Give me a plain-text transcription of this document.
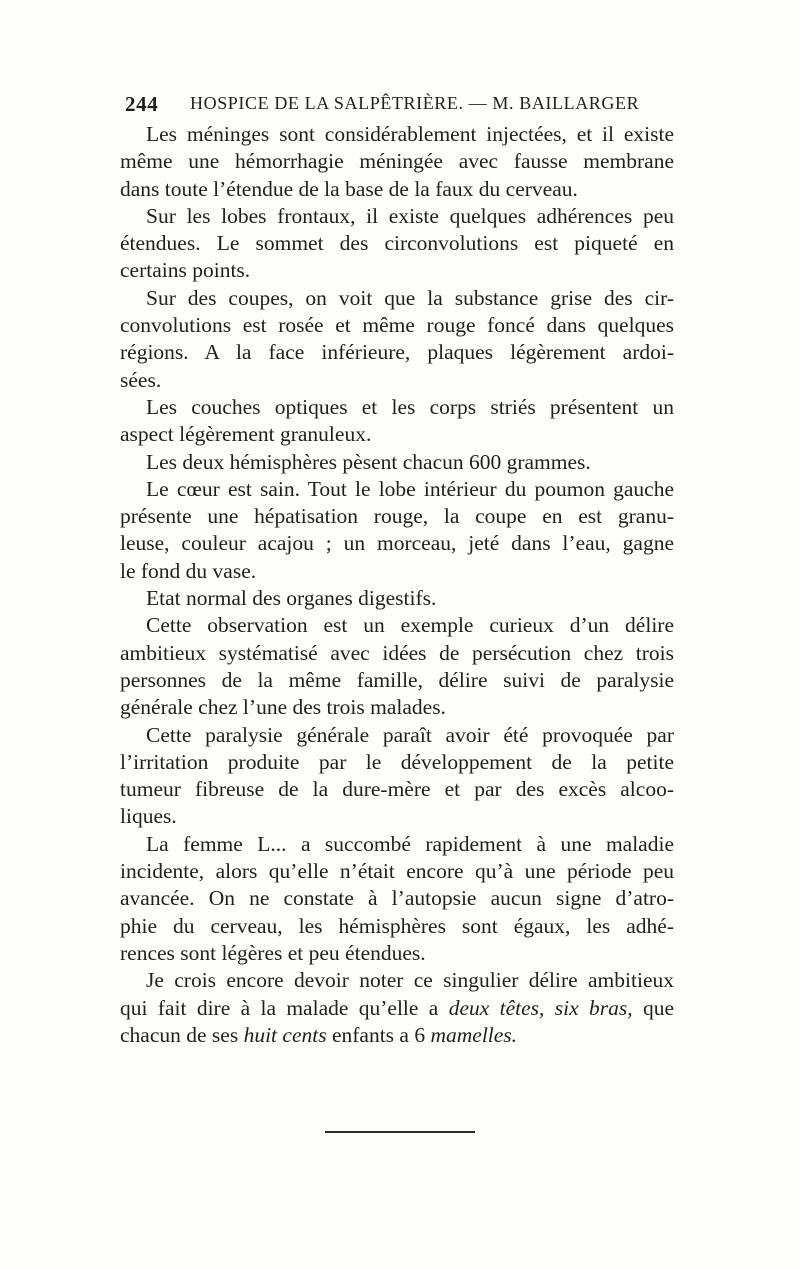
244 HOSPICE DE LA SALPÊTRIÈRE. — M. BAILLARGER
Les méninges sont considérablement injectées, et il existe
même une hémorrhagie méningée avec fausse membrane
dans toute l’étendue de la base de la faux du cerveau.
Sur les lobes frontaux, il existe quelques adhérences peu
étendues. Le sommet des circonvolutions est piqueté en
certains points.
Sur des coupes, on voit que la substance grise des cir-
convolutions est rosée et même rouge foncé dans quelques
régions. A la face inférieure, plaques légèrement ardoi-
sées.
Les couches optiques et les corps striés présentent un
aspect légèrement granuleux.
Les deux hémisphères pèsent chacun 600 grammes.
Le cœur est sain. Tout le lobe intérieur du poumon gauche
présente une hépatisation rouge, la coupe en est granu-
leuse, couleur acajou ; un morceau, jeté dans l’eau, gagne
le fond du vase.
Etat normal des organes digestifs.
Cette observation est un exemple curieux d’un délire
ambitieux systématisé avec idées de persécution chez trois
personnes de la même famille, délire suivi de paralysie
générale chez l’une des trois malades.
Cette paralysie générale paraît avoir été provoquée par
l’irritation produite par le développement de la petite
tumeur fibreuse de la dure-mère et par des excès alcoo-
liques.
La femme L... a succombé rapidement à une maladie
incidente, alors qu’elle n’était encore qu’à une période peu
avancée. On ne constate à l’autopsie aucun signe d’atro-
phie du cerveau, les hémisphères sont égaux, les adhé-
rences sont légères et peu étendues.
Je crois encore devoir noter ce singulier délire ambitieux
qui fait dire à la malade qu’elle a deux têtes, six bras, que
chacun de ses huit cents enfants a 6 mamelles.
